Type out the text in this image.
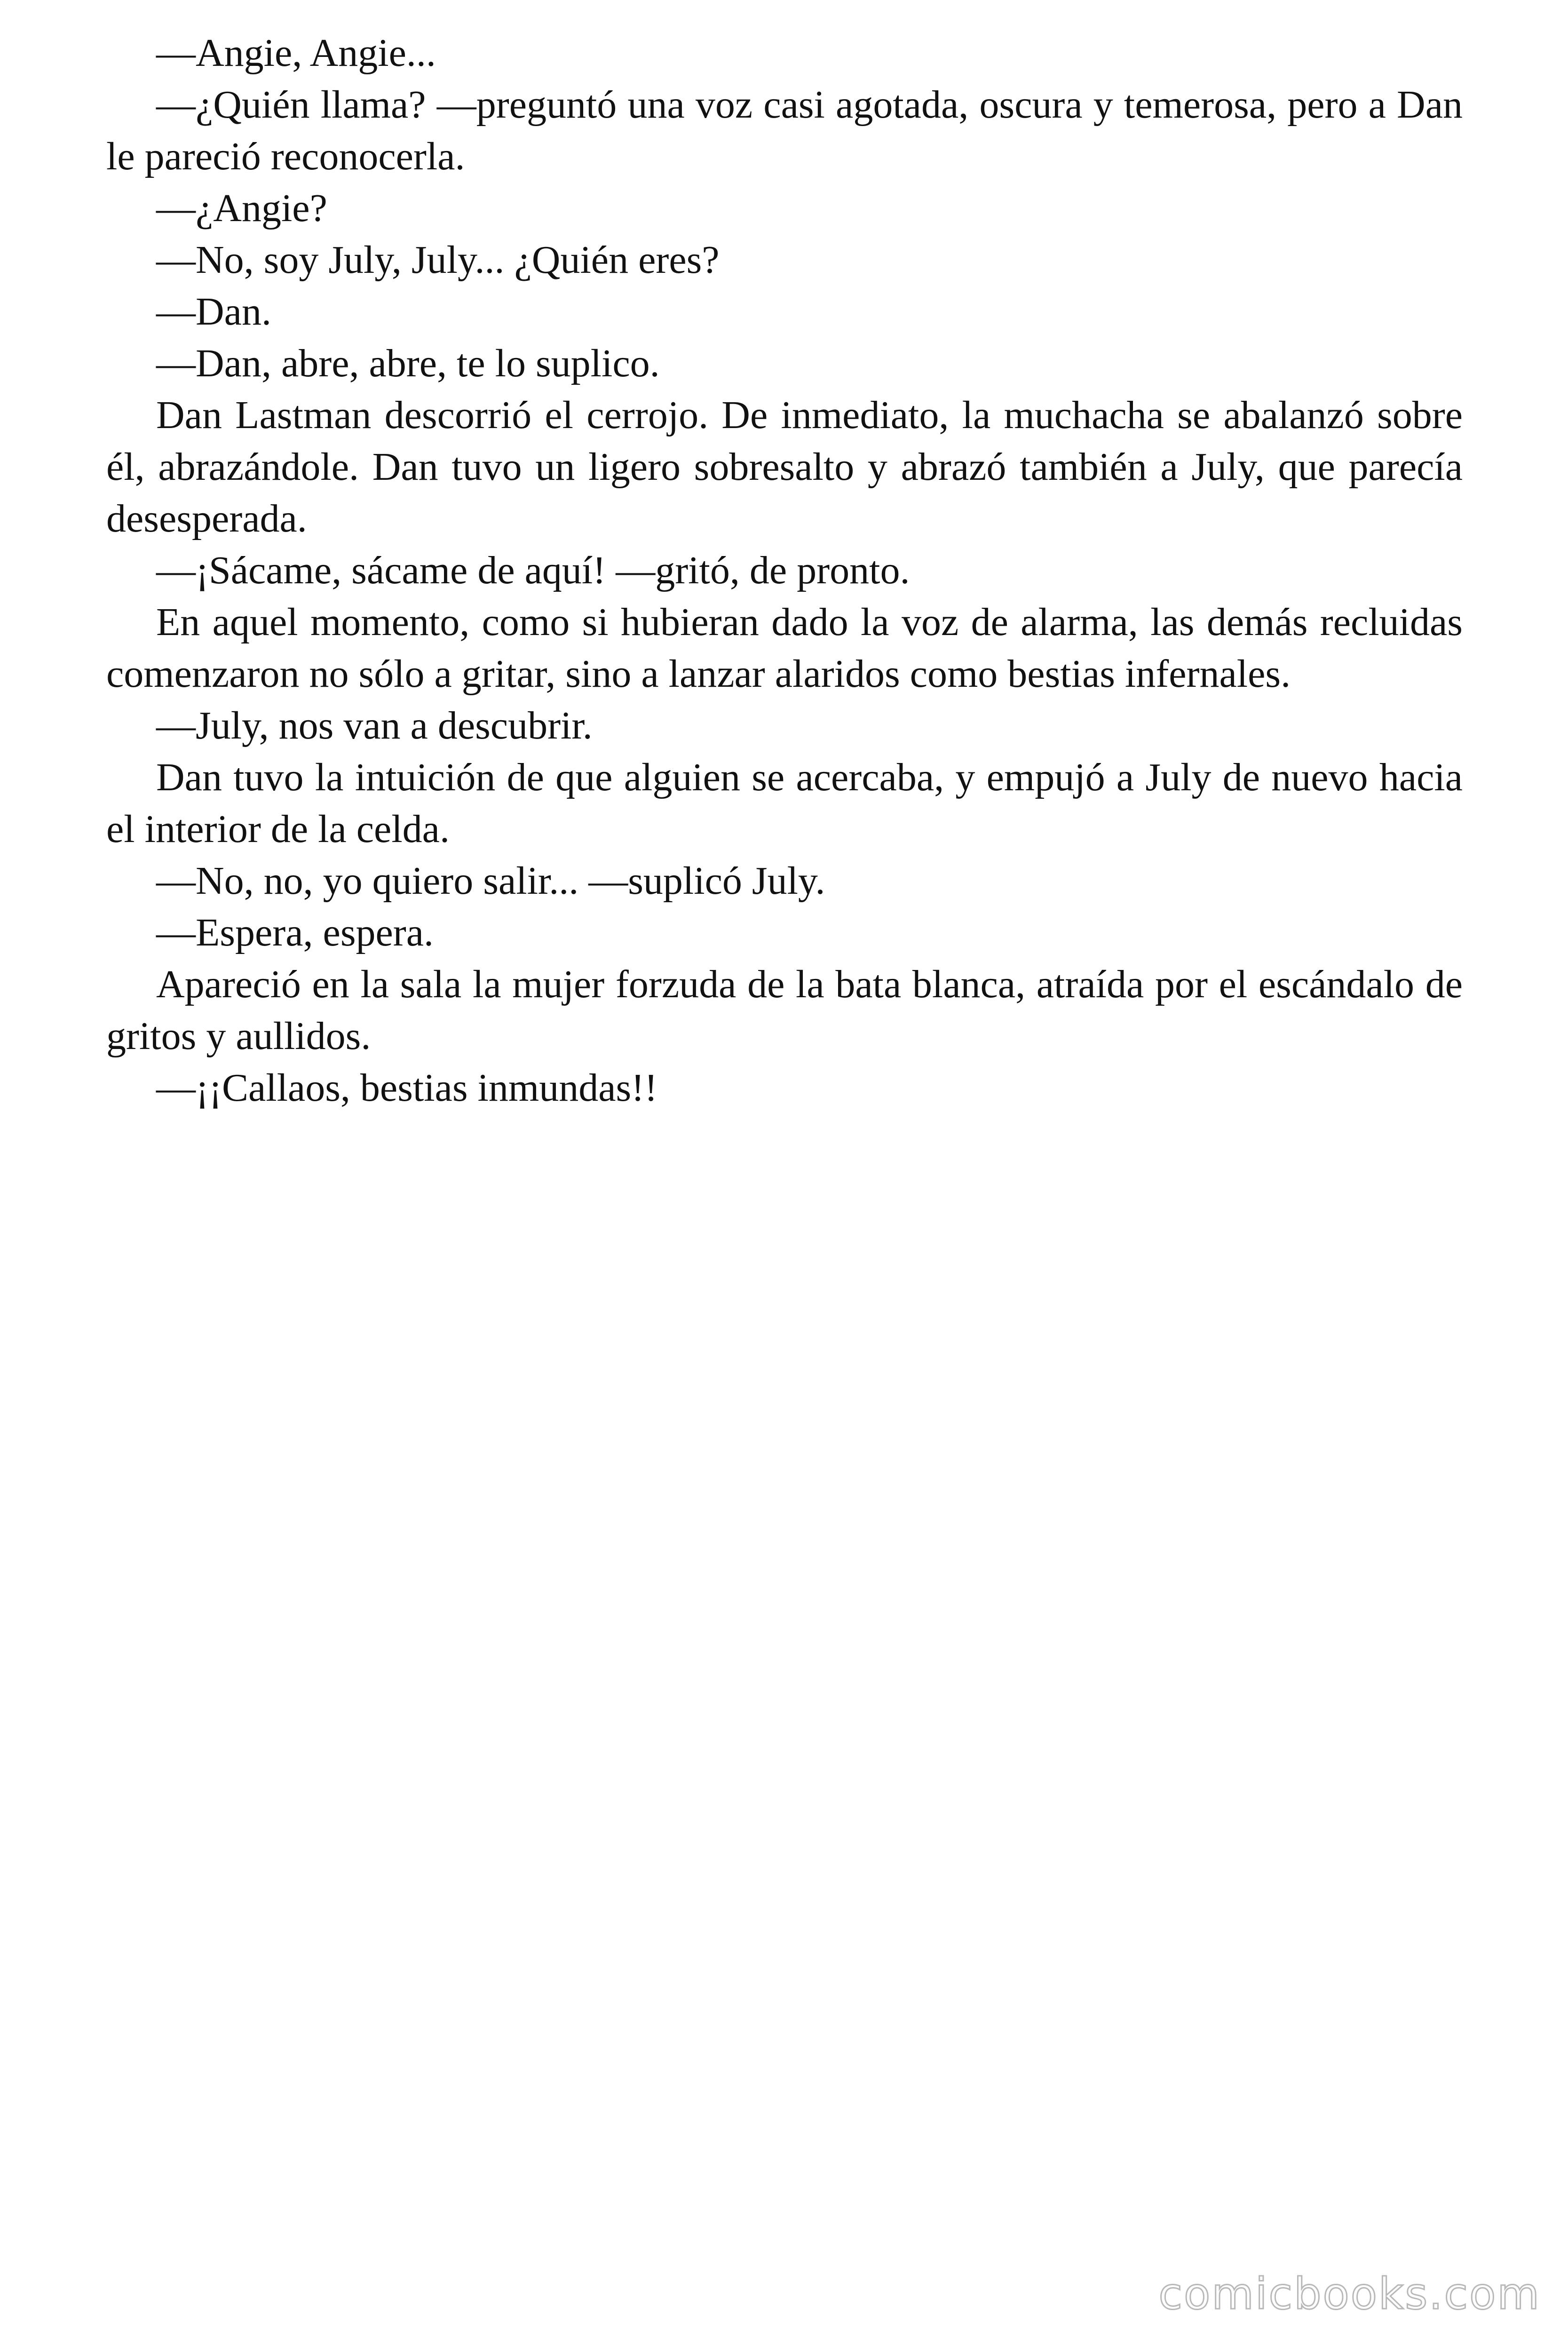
—Angie, Angie...

—¿Quién llama? —preguntó una voz casi agotada, oscura y temerosa, pero a Dan le pareció reconocerla.

—¿Angie?

—No, soy July, July... ¿Quién eres?

—Dan.

—Dan, abre, abre, te lo suplico.

Dan Lastman descorrió el cerrojo. De inmediato, la muchacha se abalanzó sobre él, abrazándole. Dan tuvo un ligero sobresalto y abrazó también a July, que parecía desesperada.

—¡Sácame, sácame de aquí! —gritó, de pronto.

En aquel momento, como si hubieran dado la voz de alarma, las demás recluidas comenzaron no sólo a gritar, sino a lanzar alaridos como bestias infernales.

—July, nos van a descubrir.

Dan tuvo la intuición de que alguien se acercaba, y empujó a July de nuevo hacia el interior de la celda.

—No, no, yo quiero salir... —suplicó July.

—Espera, espera.

Apareció en la sala la mujer forzuda de la bata blanca, atraída por el escándalo de gritos y aullidos.

—¡¡Callaos, bestias inmundas!!

comicbooks.com
